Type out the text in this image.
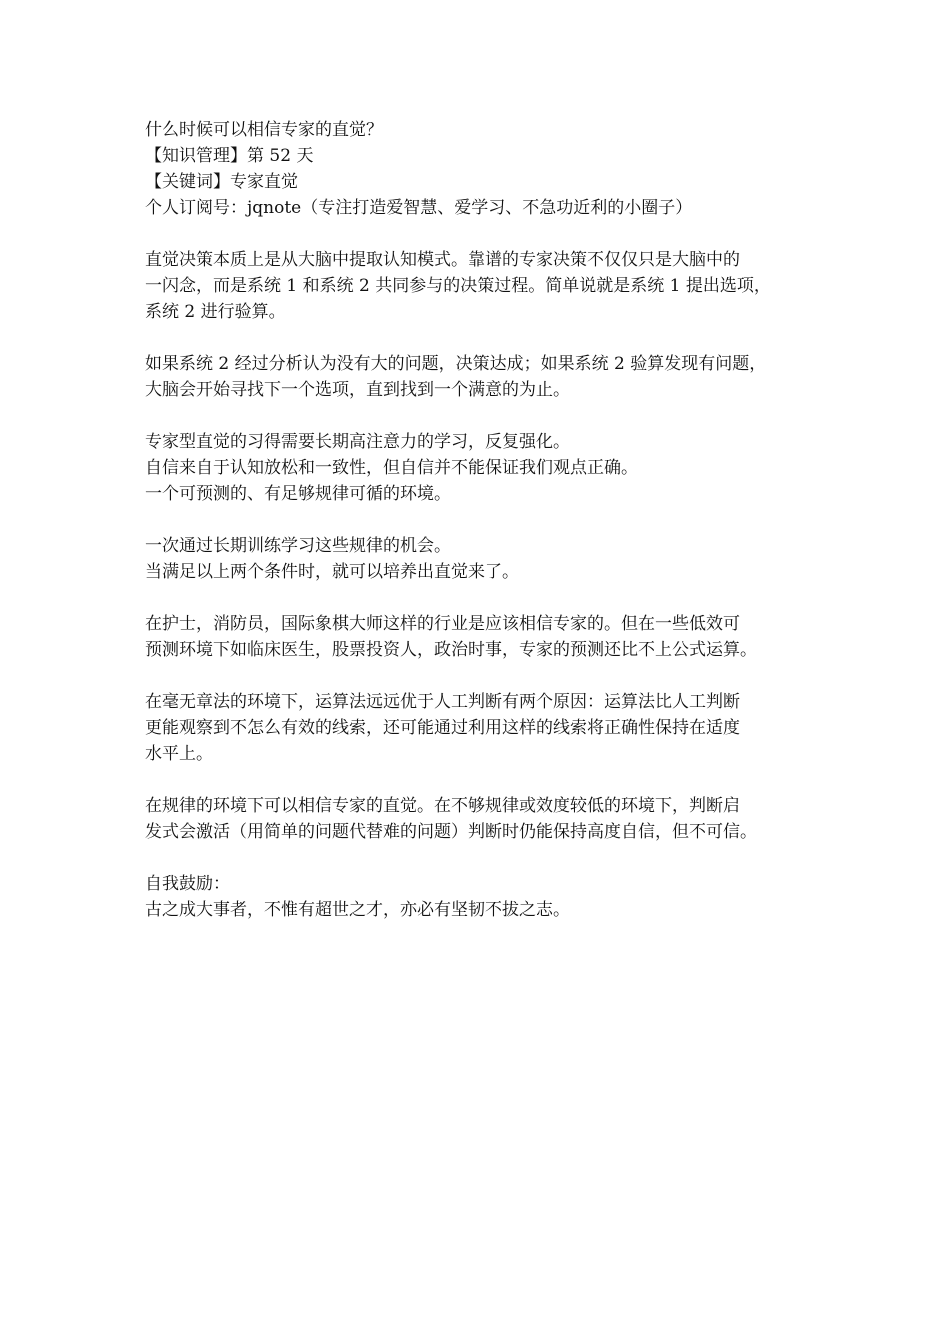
什么时候可以相信专家的直觉？
【知识管理】第 52 天
【关键词】专家直觉
个人订阅号：jqnote（专注打造爱智慧、爱学习、不急功近利的小圈子）
直觉决策本质上是从大脑中提取认知模式。靠谱的专家决策不仅仅只是大脑中的
一闪念，而是系统 1 和系统 2 共同参与的决策过程。简单说就是系统 1 提出选项，
系统 2 进行验算。
如果系统 2 经过分析认为没有大的问题，决策达成；如果系统 2 验算发现有问题，
大脑会开始寻找下一个选项，直到找到一个满意的为止。
专家型直觉的习得需要长期高注意力的学习，反复强化。
自信来自于认知放松和一致性，但自信并不能保证我们观点正确。
一个可预测的、有足够规律可循的环境。
一次通过长期训练学习这些规律的机会。
当满足以上两个条件时，就可以培养出直觉来了。
在护士，消防员，国际象棋大师这样的行业是应该相信专家的。但在一些低效可
预测环境下如临床医生，股票投资人，政治时事，专家的预测还比不上公式运算。
在毫无章法的环境下，运算法远远优于人工判断有两个原因：运算法比人工判断
更能观察到不怎么有效的线索，还可能通过利用这样的线索将正确性保持在适度
水平上。
在规律的环境下可以相信专家的直觉。在不够规律或效度较低的环境下，判断启
发式会激活（用简单的问题代替难的问题）判断时仍能保持高度自信，但不可信。
自我鼓励：
古之成大事者，不惟有超世之才，亦必有坚韧不拔之志。
